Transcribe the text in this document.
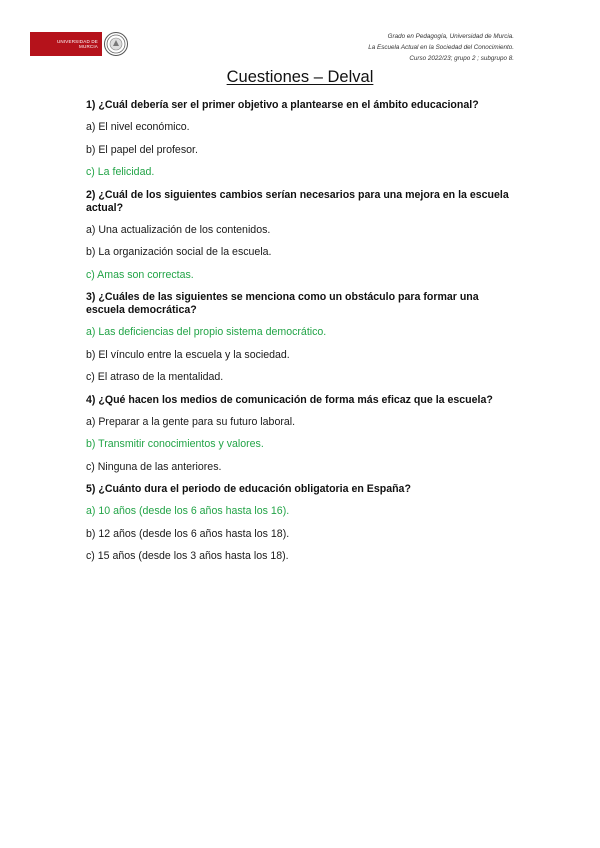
UNIVERSIDAD DE
MURCIA
Grado en Pedagogía, Universidad de Murcia.
La Escuela Actual en la Sociedad del Conocimiento.
Curso 2022/23; grupo 2 ; subgrupo 8.
Cuestiones – Delval
1) ¿Cuál debería ser el primer objetivo a plantearse en el ámbito educacional?
a) El nivel económico.
b) El papel del profesor.
c) La felicidad.
2) ¿Cuál de los siguientes cambios serían necesarios para una mejora en la escuela actual?
a) Una actualización de los contenidos.
b) La organización social de la escuela.
c) Amas son correctas.
3) ¿Cuáles de las siguientes se menciona como un obstáculo para formar una escuela democrática?
a) Las deficiencias del propio sistema democrático.
b) El vínculo entre la escuela y la sociedad.
c) El atraso de la mentalidad.
4) ¿Qué hacen los medios de comunicación de forma más eficaz que la escuela?
a) Preparar a la gente para su futuro laboral.
b) Transmitir conocimientos y valores.
c) Ninguna de las anteriores.
5) ¿Cuánto dura el periodo de educación obligatoria en España?
a) 10 años (desde los 6 años hasta los 16).
b) 12 años (desde los 6 años hasta los 18).
c) 15 años (desde los 3 años hasta los 18).
